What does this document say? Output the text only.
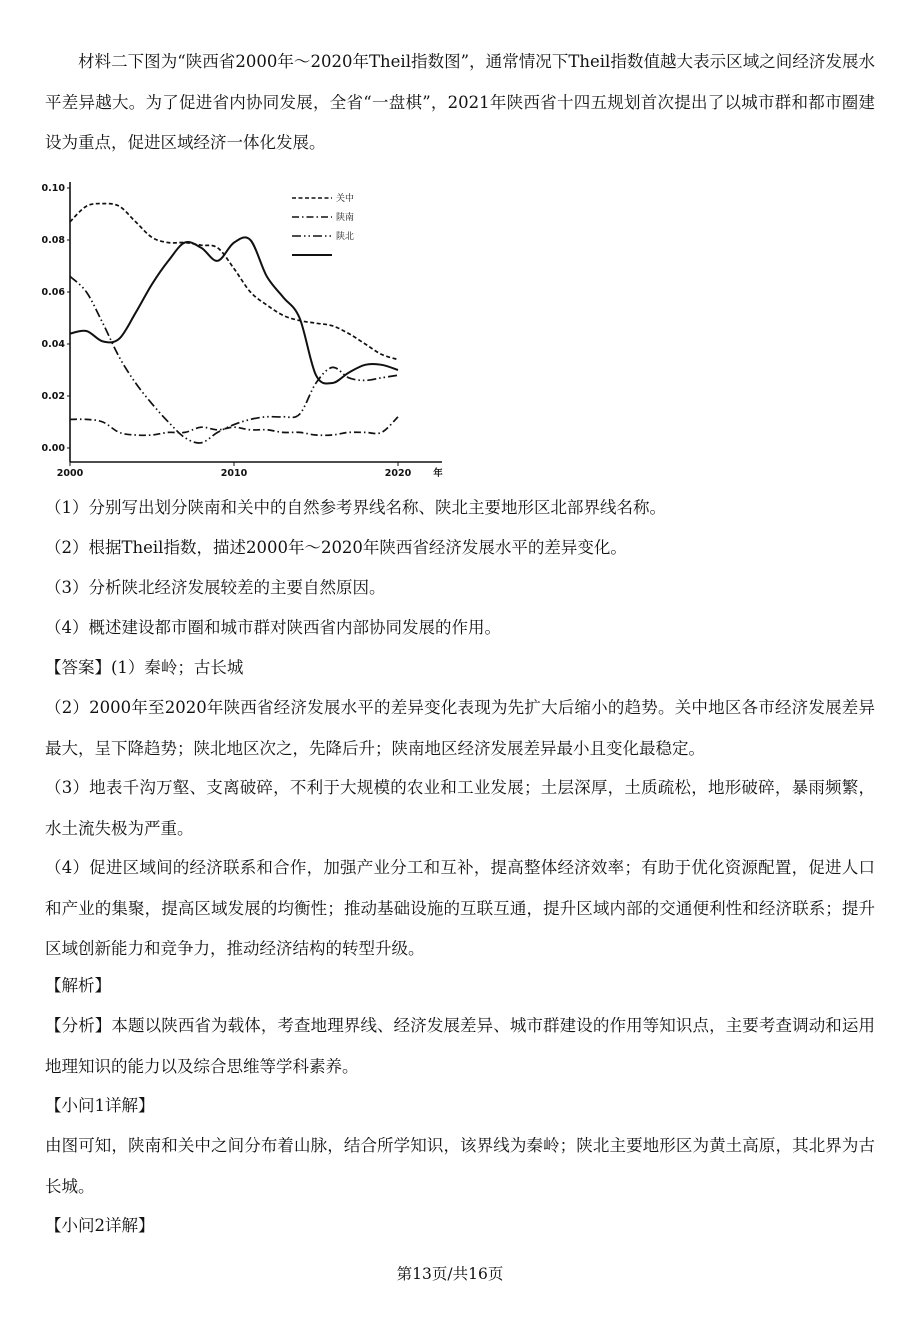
材料二下图为“陕西省2000年～2020年Theil指数图”，通常情况下Theil指数值越大表示区域之间经济发展水平差异越大。为了促进省内协同发展，全省“一盘棋”，2021年陕西省十四五规划首次提出了以城市群和都市圈建设为重点，促进区域经济一体化发展。

0.00
0.02
0.04
0.06
0.08
0.10
2000	2010	2020 年
关中
陕南
陕北

（1）分别写出划分陕南和关中的自然参考界线名称、陕北主要地形区北部界线名称。

（2）根据Theil指数，描述2000年～2020年陕西省经济发展水平的差异变化。

（3）分析陕北经济发展较差的主要自然原因。

（4）概述建设都市圈和城市群对陕西省内部协同发展的作用。

【答案】(1）秦岭；古长城

（2）2000年至2020年陕西省经济发展水平的差异变化表现为先扩大后缩小的趋势。关中地区各市经济发展差异最大，呈下降趋势；陕北地区次之，先降后升；陕南地区经济发展差异最小且变化最稳定。

（3）地表千沟万壑、支离破碎，不利于大规模的农业和工业发展；土层深厚，土质疏松，地形破碎，暴雨频繁，水土流失极为严重。

（4）促进区域间的经济联系和合作，加强产业分工和互补，提高整体经济效率；有助于优化资源配置，促进人口和产业的集聚，提高区域发展的均衡性；推动基础设施的互联互通，提升区域内部的交通便利性和经济联系；提升区域创新能力和竞争力，推动经济结构的转型升级。

【解析】

【分析】本题以陕西省为载体，考查地理界线、经济发展差异、城市群建设的作用等知识点，主要考查调动和运用地理知识的能力以及综合思维等学科素养。

【小问1详解】

由图可知，陕南和关中之间分布着山脉，结合所学知识，该界线为秦岭；陕北主要地形区为黄土高原，其北界为古长城。

【小问2详解】

第13页/共16页
